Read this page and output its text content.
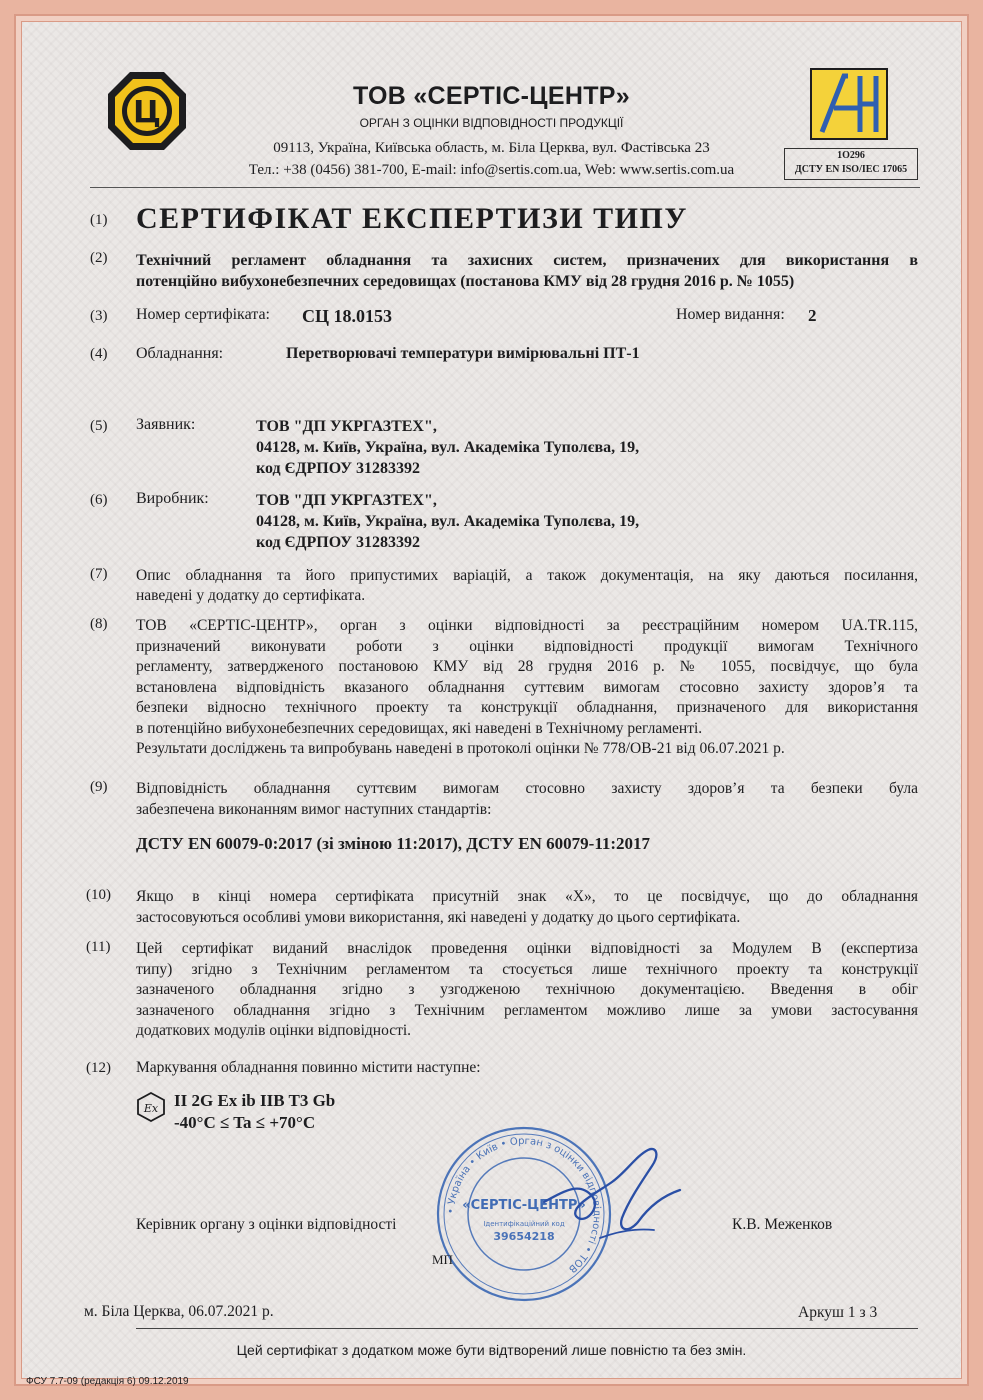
Ц	ТОВ «СЕРТІС-ЦЕНТР»
ОРГАН З ОЦІНКИ ВІДПОВІДНОСТІ ПРОДУКЦІЇ
09113, Україна, Київська область, м. Біла Церква, вул. Фастівська 23
Тел.: +38 (0456) 381-700, E-mail: info@sertis.com.ua, Web: www.sertis.com.ua
1O296
ДСТУ EN ISO/IEC 17065
(1) СЕРТИФІКАТ ЕКСПЕРТИЗИ ТИПУ
(2) Технічний регламент обладнання та захисних систем, призначених для використання в
потенційно вибухонебезпечних середовищах (постанова КМУ від 28 грудня 2016 р. № 1055)
(3) Номер сертифіката: СЦ 18.0153	Номер видання: 2
(4) Обладнання:	Перетворювачі температури вимірювальні ПТ-1
(5) Заявник:	ТОВ "ДП УКРГАЗТЕХ",
04128, м. Київ, Україна, вул. Академіка Туполєва, 19,
код ЄДРПОУ 31283392
(6) Виробник:	ТОВ "ДП УКРГАЗТЕХ",
04128, м. Київ, Україна, вул. Академіка Туполєва, 19,
код ЄДРПОУ 31283392
(7) Опис обладнання та його припустимих варіацій, а також документація, на яку даються посилання,
наведені у додатку до сертифіката.
(8) ТОВ «СЕРТІС-ЦЕНТР», орган з оцінки відповідності за реєстраційним номером UA.TR.115,
призначений виконувати роботи з оцінки відповідності продукції вимогам Технічного
регламенту, затвердженого постановою КМУ від 28 грудня 2016 р. № 1055, посвідчує, що була
встановлена відповідність вказаного обладнання суттєвим вимогам стосовно захисту здоров’я та
безпеки відносно технічного проекту та конструкції обладнання, призначеного для використання
в потенційно вибухонебезпечних середовищах, які наведені в Технічному регламенті.
Результати досліджень та випробувань наведені в протоколі оцінки № 778/ОВ-21 від 06.07.2021 р.
(9) Відповідність обладнання суттєвим вимогам стосовно захисту здоров’я та безпеки була
забезпечена виконанням вимог наступних стандартів:
ДСТУ EN 60079-0:2017 (зі зміною 11:2017), ДСТУ EN 60079-11:2017
(10) Якщо в кінці номера сертифіката присутній знак «Х», то це посвідчує, що до обладнання
застосовуються особливі умови використання, які наведені у додатку до цього сертифіката.
(11) Цей сертифікат виданий внаслідок проведення оцінки відповідності за Модулем В (експертиза
типу) згідно з Технічним регламентом та стосується лише технічного проекту та конструкції
зазначеного обладнання згідно з узгодженою технічною документацією. Введення в обіг
зазначеного обладнання згідно з Технічним регламентом можливо лише за умови застосування
додаткових модулів оцінки відповідності.
(12) Маркування обладнання повинно містити наступне:
Ex II 2G Ex ib IIB T3 Gb
-40°C ≤ Ta ≤ +70°C
• Україна • Київ • Орган з оцінки відповідності • ТОВ
«СЕРТІС-ЦЕНТР»
Ідентифікаційний код
39654218
Керівник органу з оцінки відповідності	К.В. Меженков
МП
м. Біла Церква, 06.07.2021 р.	Аркуш 1 з 3
Цей сертифікат з додатком може бути відтворений лише повністю та без змін.
ФСУ 7.7-09 (редакція 6) 09.12.2019
